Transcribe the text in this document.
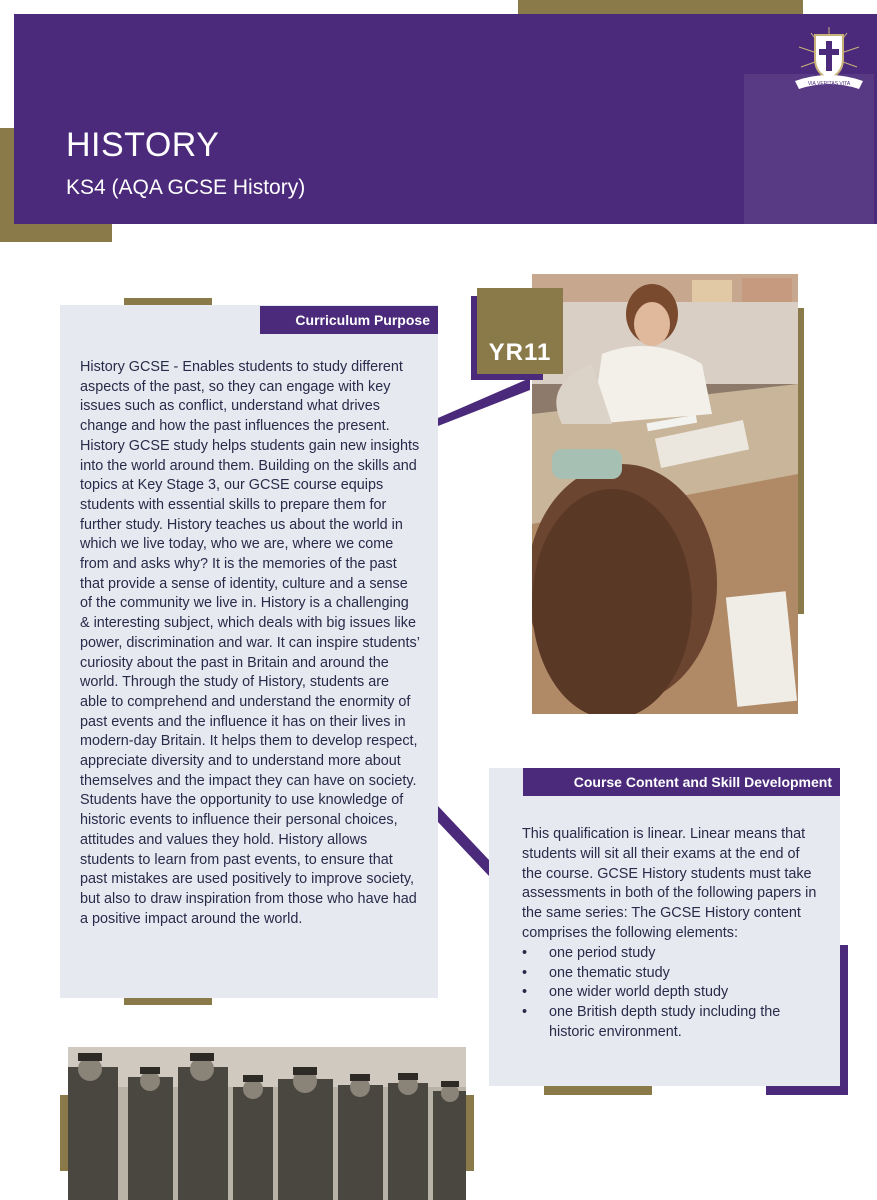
HISTORY
KS4 (AQA GCSE History)
VIA VERITAS VITA
Curriculum Purpose
History GCSE - Enables students to study different aspects of the past, so they can engage with key issues such as conflict, understand what drives change and how the past influences the present. History GCSE study helps students gain new insights into the world around them. Building on the skills and topics at Key Stage 3, our GCSE course equips students with essential skills to prepare them for further study. History teaches us about the world in which we live today, who we are, where we come from and asks why? It is the memories of the past that provide a sense of identity, culture and a sense of the community we live in. History is a challenging & interesting subject, which deals with big issues like power, discrimination and war. It can inspire students’ curiosity about the past in Britain and around the world. Through the study of History, students are able to comprehend and understand the enormity of past events and the influence it has on their lives in modern-day Britain. It helps them to develop respect, appreciate diversity and to understand more about themselves and the impact they can have on society. Students have the opportunity to use knowledge of historic events to influence their personal choices, attitudes and values they hold. History allows students to learn from past events, to ensure that past mistakes are used positively to improve society, but also to draw inspiration from those who have had a positive impact around the world.
YR11
Course Content and Skill Development
This qualification is linear. Linear means that students will sit all their exams at the end of the course. GCSE History students must take assessments in both of the following papers in the same series: The GCSE History content comprises the following elements:
• one period study
• one thematic study
• one wider world depth study
• one British depth study including the historic environment.
